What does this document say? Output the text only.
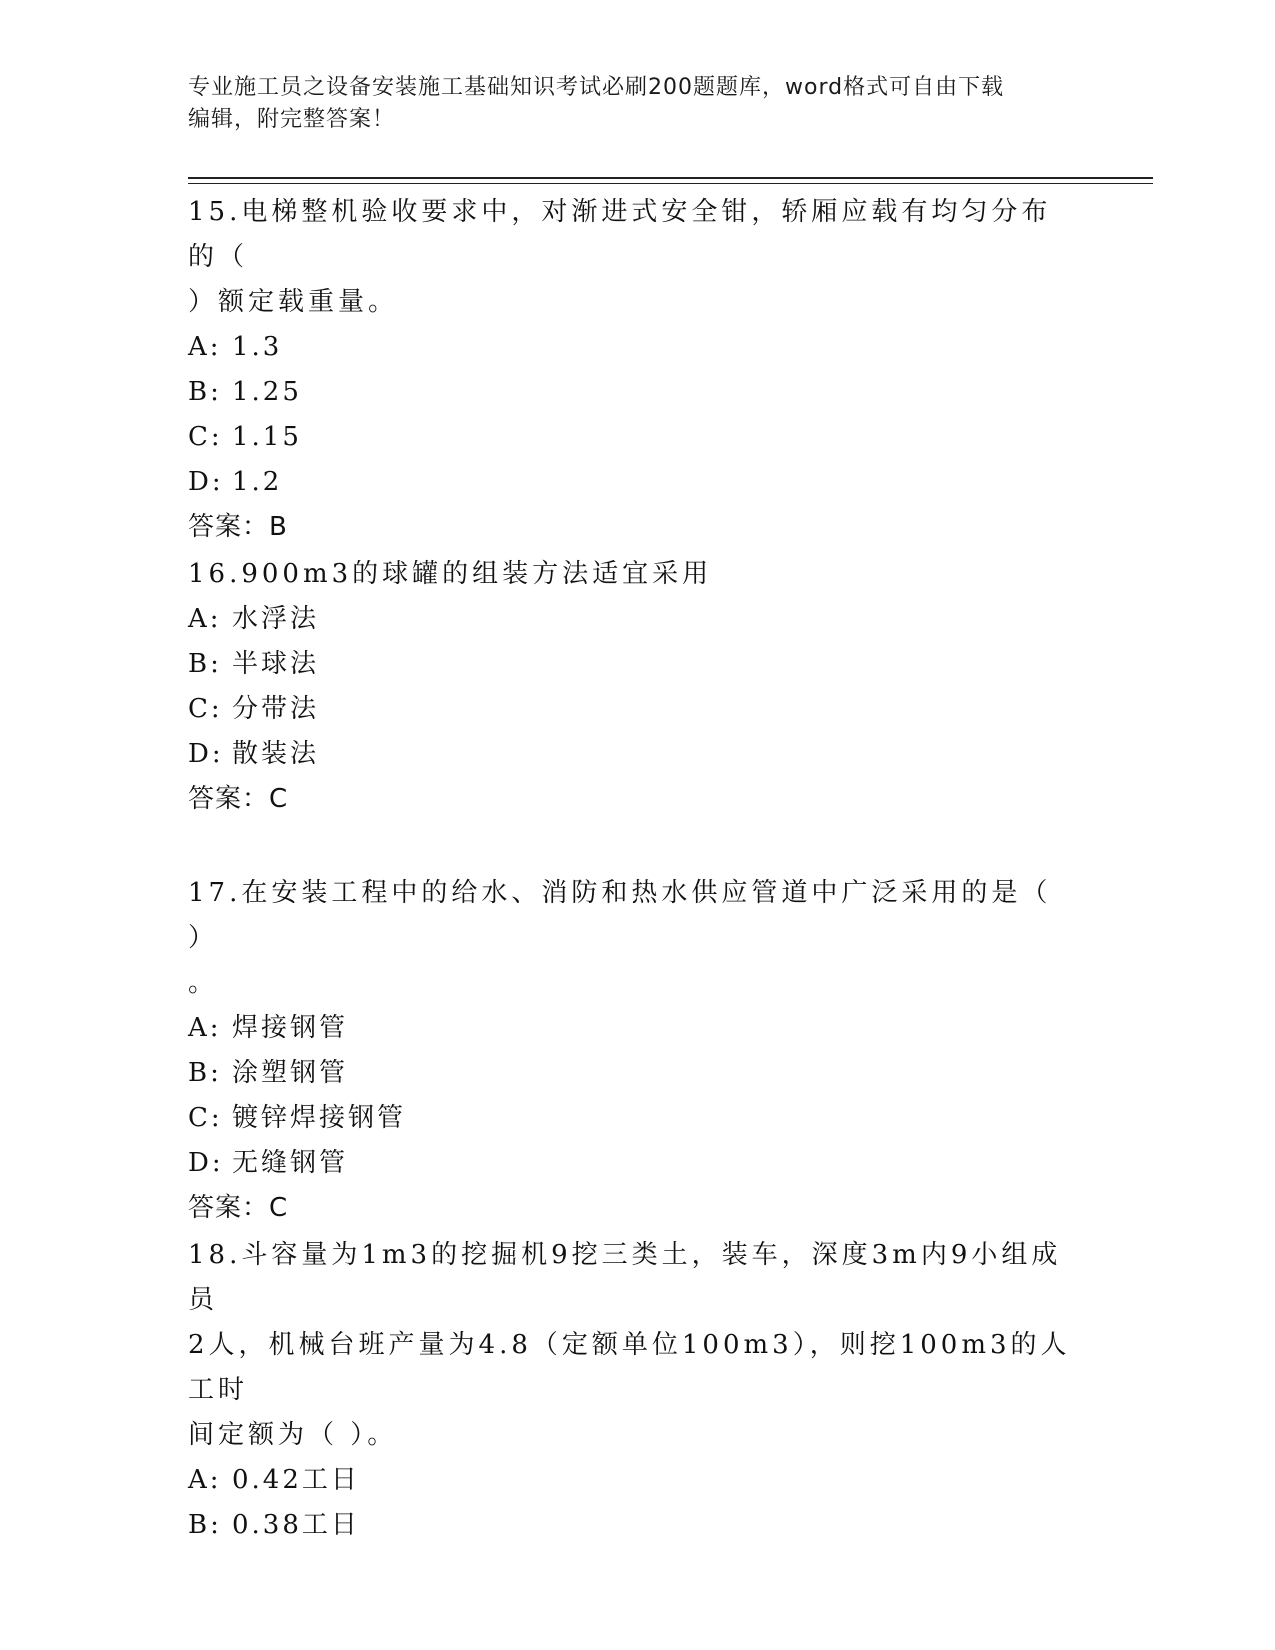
专业施工员之设备安装施工基础知识考试必刷200题题库，word格式可自由下载
编辑，附完整答案！

15.电梯整机验收要求中，对渐进式安全钳，轿厢应载有均匀分布的（

）额定载重量。

A: 1.3

B: 1.25

C: 1.15

D: 1.2

答案：B

16.900m3的球罐的组装方法适宜采用

A: 水浮法

B: 半球法

C: 分带法

D: 散装法

答案：C

17.在安装工程中的给水、消防和热水供应管道中广泛采用的是（ ）

。

A: 焊接钢管

B: 涂塑钢管

C: 镀锌焊接钢管

D: 无缝钢管

答案：C

18.斗容量为1m3的挖掘机9挖三类土，装车，深度3m内9小组成员

2人，机械台班产量为4.8（定额单位100m3），则挖100m3的人工时

间定额为（ ）。

A: 0.42工日

B: 0.38工日
